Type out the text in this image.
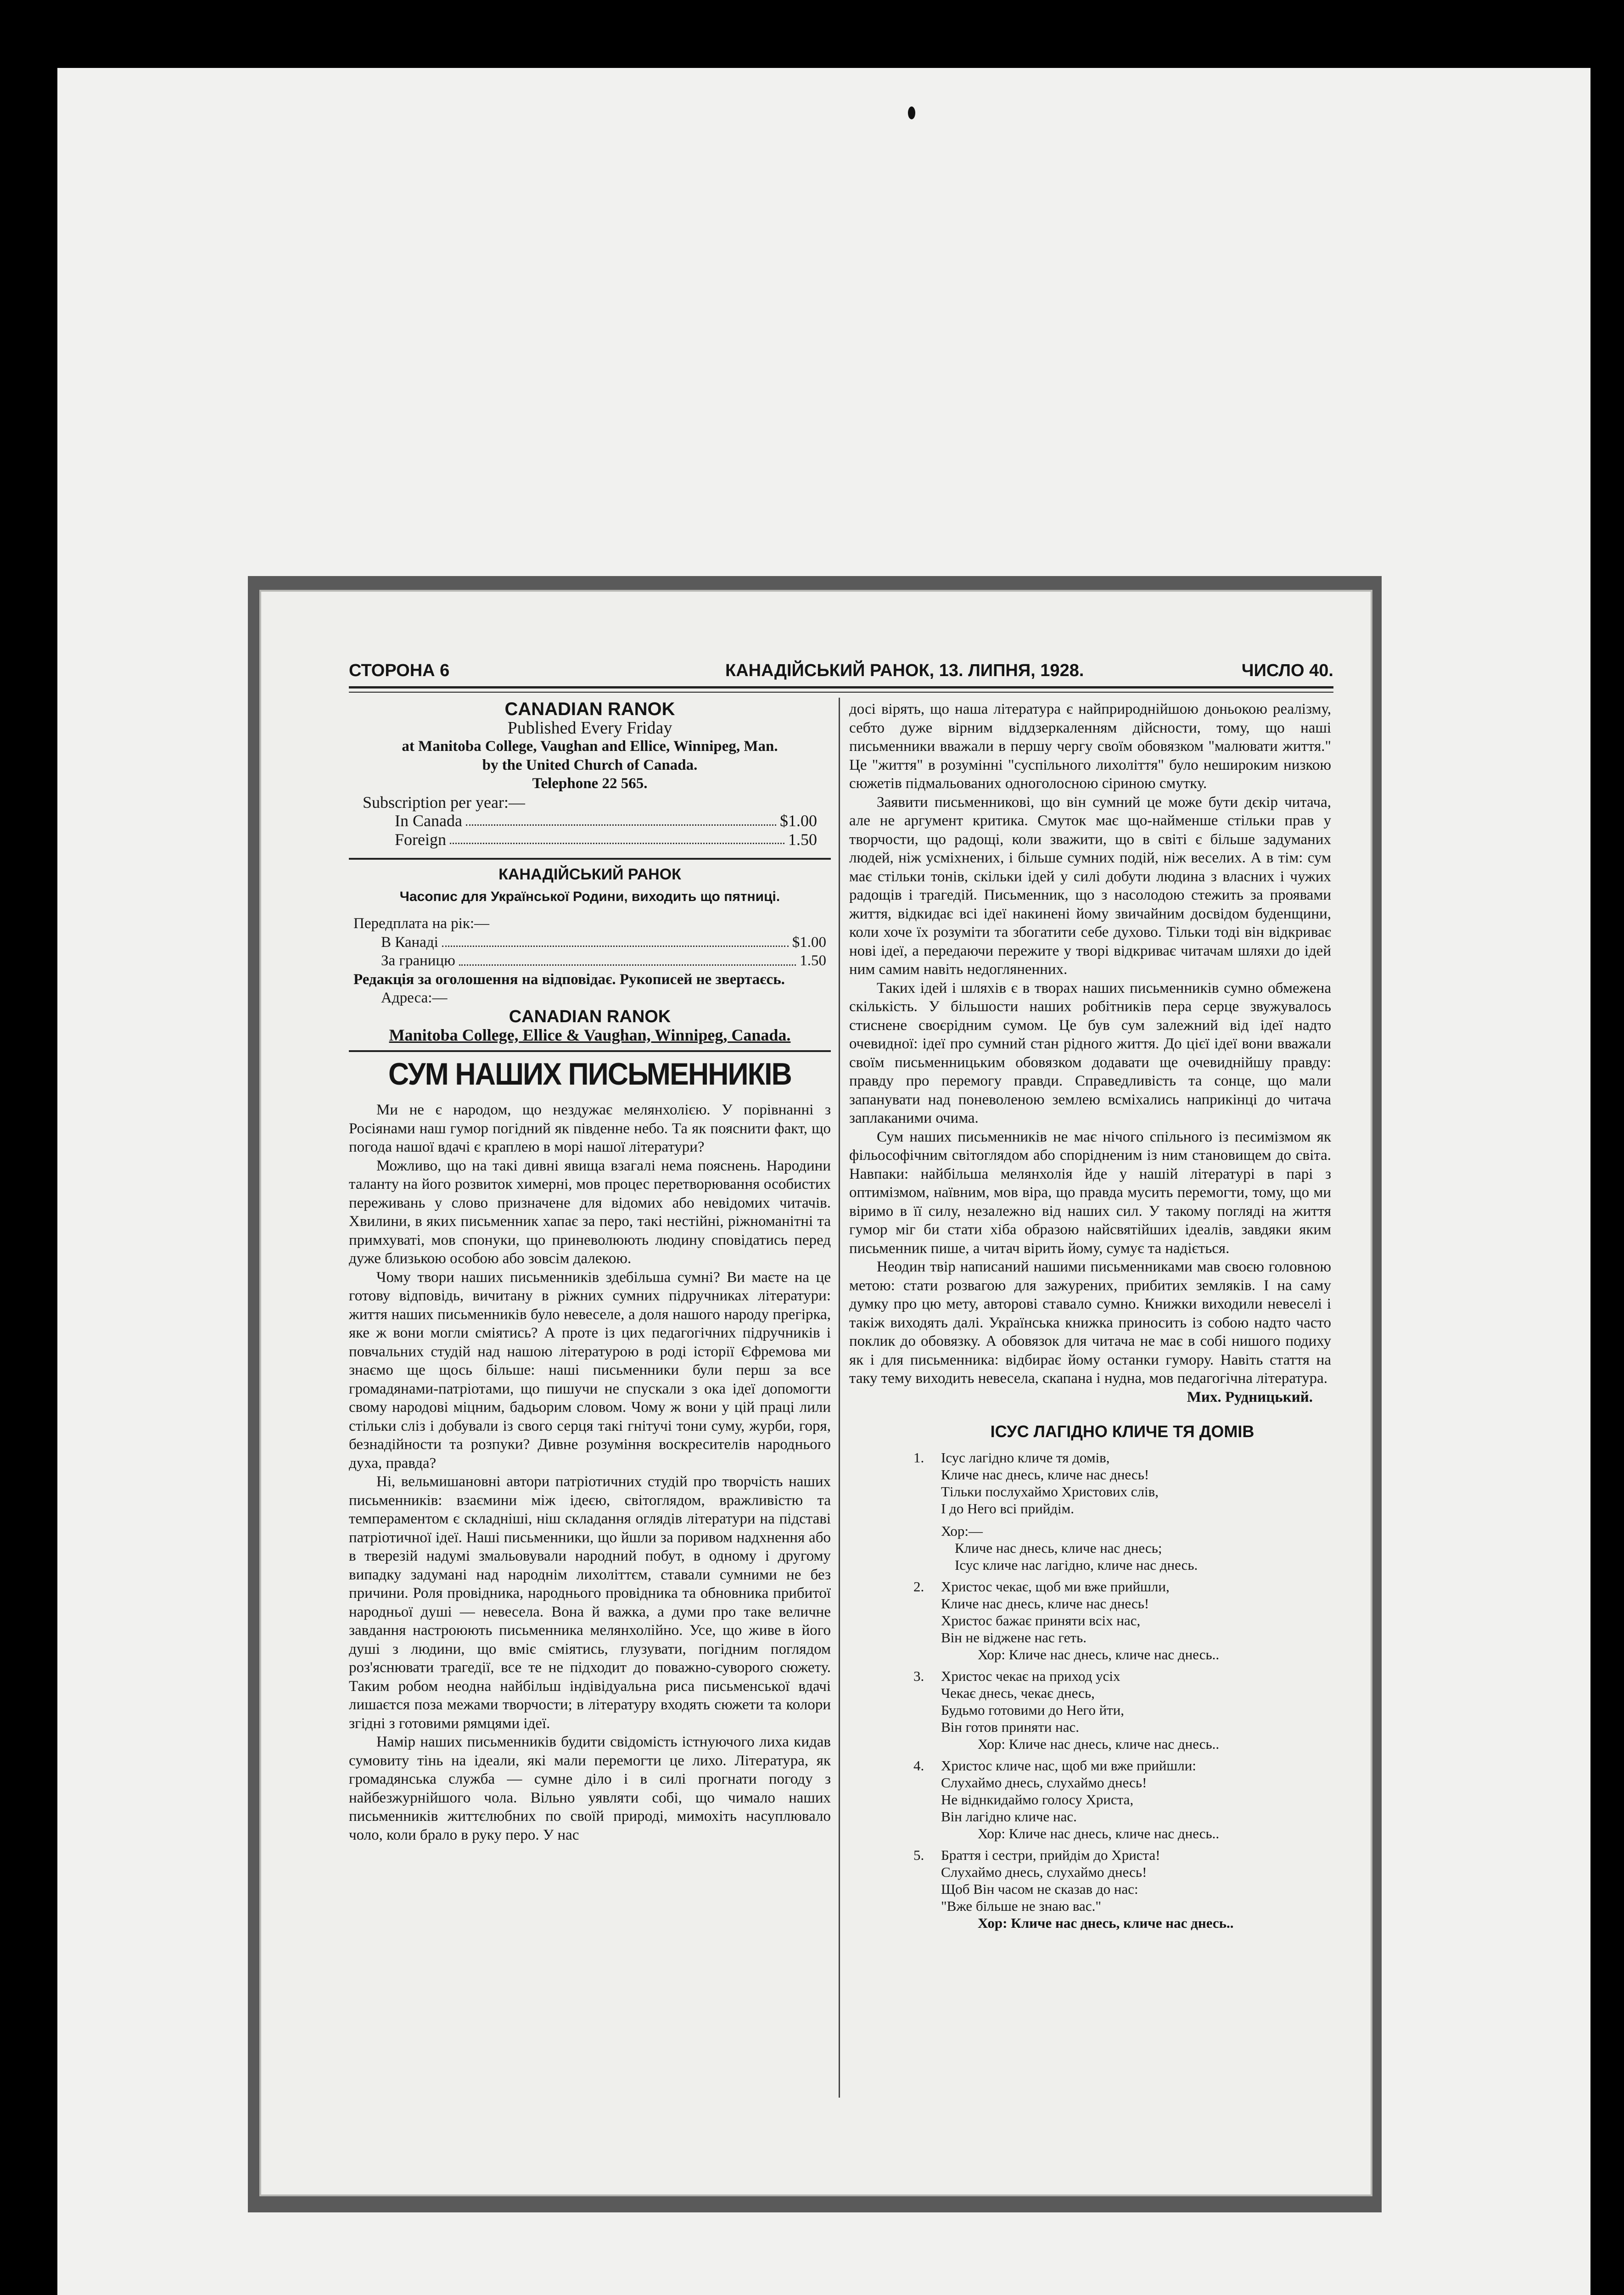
СТОРОНА 6	КАНАДІЙСЬКИЙ РАНОК, 13. ЛИПНЯ, 1928.	ЧИСЛО 40.
CANADIAN RANOK
Published Every Friday
at Manitoba College, Vaughan and Ellice, Winnipeg, Man.
by the United Church of Canada.
Telephone 22 565.
Subscription per year:—
In Canada	$1.00
Foreign	1.50
КАНАДІЙСЬКИЙ РАНОК
Часопис для Української Родини, виходить що пятниці.
Передплата на рік:—
В Канаді	$1.00
За границю	1.50
Редакція за оголошення на відповідає. Рукописей не звертаєсь.
Адреса:—
CANADIAN RANOK
Manitoba College, Ellice & Vaughan, Winnipeg, Canada.
СУМ НАШИХ ПИСЬМЕННИКІВ

Ми не є народом, що нездужає мелянхолією. У порівнанні з Росіянами наш гумор погідний як південне небо. Та як пояснити факт, що погода нашої вдачі є краплею в морі нашої літератури?

Можливо, що на такі дивні явища взагалі нема пояснень. Народини таланту на його розвиток химерні, мов процес перетворювання особистих переживань у слово призначене для відомих або невідомих читачів. Хвилини, в яких письменник хапає за перо, такі нестійні, ріжноманітні та примхуваті, мов спонуки, що приневолюють людину сповідатись перед дуже близькою особою або зовсім далекою.

Чому твори наших письменників здебільша сумні? Ви маєте на це готову відповідь, вичитану в ріжних сумних підручниках літератури: життя наших письменників було невеселе, а доля нашого народу прегірка, яке ж вони могли сміятись? А проте із цих педагогічних підручників і повчальних студій над нашою літературою в роді історії Єфремова ми знаємо ще щось більше: наші письменники були перш за все громадянами-патріотами, що пишучи не спускали з ока ідеї допомогти свому народові міцним, бадьорим словом. Чому ж вони у цій праці лили стільки сліз і добували із свого серця такі гнітучі тони суму, журби, горя, безнадійности та розпуки? Дивне розуміння воскресителів народнього духа, правда?

Ні, вельмишановні автори патріотичних студій про творчість наших письменників: взаємини між ідеєю, світоглядом, вражливістю та темпераментом є складніші, ніш складання оглядів літератури на підставі патріотичної ідеї. Наші письменники, що йшли за поривом надхнення або в тверезій надумі змальовували народний побут, в одному і другому випадку задумані над народнім лихоліттєм, ставали сумними не без причини. Роля провідника, народнього провідника та обновника прибитої народньої душі — невесела. Вона й важка, а думи про таке величне завдання настроюють письменника мелянхолійно. Усе, що живе в його душі з людини, що вміє сміятись, глузувати, погідним поглядом роз'яснювати трагедії, все те не підходит до поважно-суворого сюжету. Таким робом неодна найбільш індівідуальна риса письменської вдачі лишаєтся поза межами творчости; в літературу входять сюжети та колори згідні з готовими рямцями ідеї.

Намір наших письменників будити свідомість істнуючого лиха кидав сумовиту тінь на ідеали, які мали перемогти це лихо. Література, як громадянська служба — сумне діло і в силі прогнати погоду з найбезжурнійшого чола. Вільно уявляти собі, що чимало наших письменників життєлюбних по своїй природі, мимохіть насуплювало чоло, коли брало в руку перо. У нас

досі вірять, що наша література є найприроднійшою доньокою реалізму, себто дуже вірним віддзеркаленням дійсности, тому, що наші письменники вважали в першу чергу своїм обовязком "малювати життя." Це "життя" в розумінні "суспільного лихоліття" було нешироким низкою сюжетів підмальованих одноголосною сіриною смутку.

Заявити письменникові, що він сумний це може бути дєкір читача, але не аргумент критика. Смуток має що-найменше стільки прав у творчости, що радощі, коли зважити, що в світі є більше задуманих людей, ніж усміхнених, і більше сумних подій, ніж веселих. А в тім: сум має стільки тонів, скільки ідей у силі добути людина з власних і чужих радощів і трагедій. Письменник, що з насолодою стежить за проявами життя, відкидає всі ідеї накинені йому звичайним досвідом буденщини, коли хоче їх розуміти та збогатити себе духово. Тільки тоді він відкриває нові ідеї, а передаючи пережите у творі відкриває читачам шляхи до ідей ним самим навіть недогляненних.

Таких ідей і шляхів є в творах наших письменників сумно обмежена скількість. У більшости наших робітників пера серце звужувалось стиснене своєрідним сумом. Це був сум залежний від ідеї надто очевидної: ідеї про сумний стан рідного життя. До цієї ідеї вони вважали своїм письменницьким обовязком додавати ще очевиднійшу правду: правду про перемогу правди. Справедливість та сонце, що мали запанувати над поневоленою землею всміхались наприкінці до читача заплаканими очима.

Сум наших письменників не має нічого спільного із песимізмом як фільософічним світоглядом або спорідненим із ним становищем до світа. Навпаки: найбільша мелянхолія йде у нашій літературі в парі з оптимізмом, наївним, мов віра, що правда мусить перемогти, тому, що ми віримо в її силу, незалежно від наших сил. У такому погляді на життя гумор міг би стати хіба образою найсвятійших ідеалів, завдяки яким письменник пише, а читач вірить йому, сумує та надіється.

Неодин твір написаний нашими письменниками мав своєю головною метою: стати розвагою для зажурених, прибитих земляків. І на саму думку про цю мету, авторові ставало сумно. Книжки виходили невеселі і такіж виходять далі. Українська книжка приносить із собою надто часто поклик до обовязку. А обовязок для читача не має в собі нишого подиху як і для письменника: відбирає йому останки гумору. Навіть стаття на таку тему виходить невесела, скапана і нудна, мов педагогічна література.

Мих. Рудницький.
ІСУС ЛАГІДНО КЛИЧЕ ТЯ ДОМІВ
1.	Ісус лагідно кличе тя домів,
Кличе нас днесь, кличе нас днесь!
Тільки послухаймо Христових слів,
І до Него всі прийдім.
Хор:—
Кличе нас днесь, кличе нас днесь;
Ісус кличе нас лагідно, кличе нас днесь.
2.	Христос чекає, щоб ми вже прийшли,
Кличе нас днесь, кличе нас днесь!
Христос бажає приняти всіх нас,
Він не віджене нас геть.
Хор: Кличе нас днесь, кличе нас днесь..
3.	Христос чекає на приход усіх
Чекає днесь, чекає днесь,
Будьмо готовими до Него йти,
Він готов приняти нас.
Хор: Кличе нас днесь, кличе нас днесь..
4.	Христос кличе нас, щоб ми вже прийшли:
Слухаймо днесь, слухаймо днесь!
Не віднкидаймо голосу Христа,
Він лагідно кличе нас.
Хор: Кличе нас днесь, кличе нас днесь..
5.	Браття і сестри, прийдім до Христа!
Слухаймо днесь, слухаймо днесь!
Щоб Він часом не сказав до нас:
"Вже більше не знаю вас."
Хор: Кличе нас днесь, кличе нас днесь..
